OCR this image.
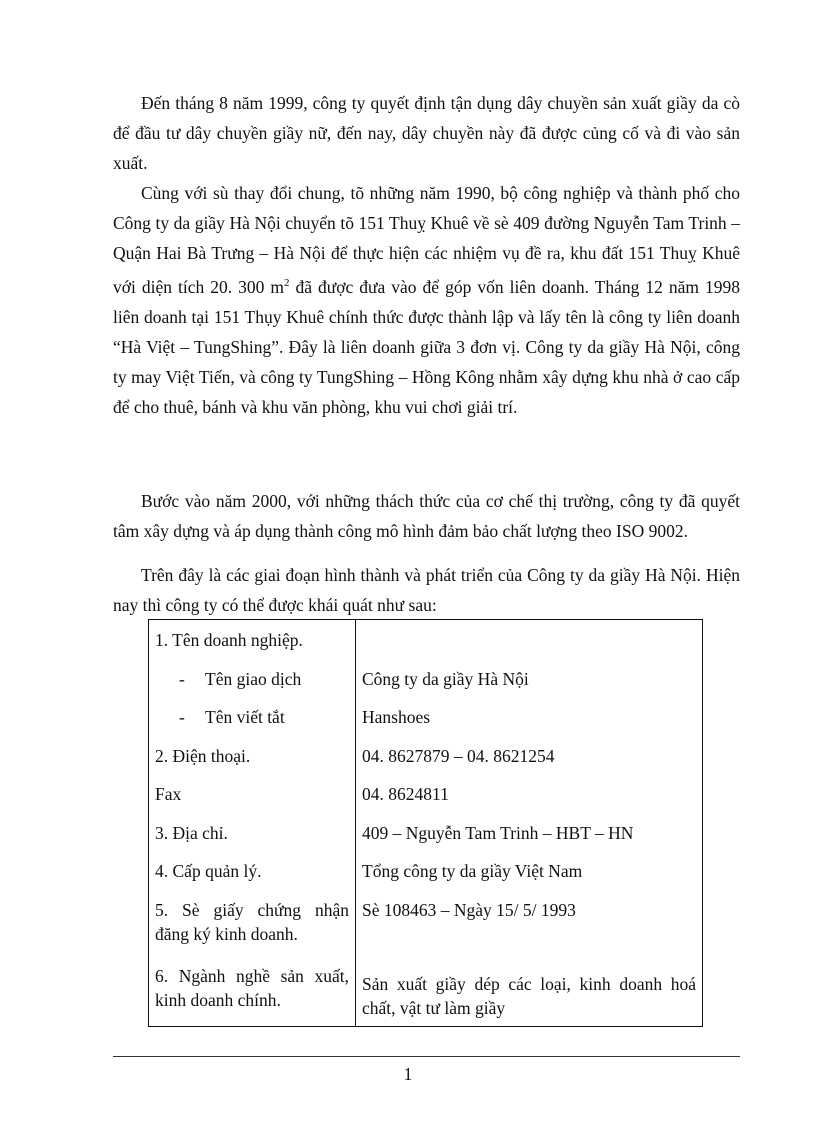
Đến tháng 8 năm 1999, công ty quyết định tận dụng dây chuyền sản xuất giầy da cò để đầu tư dây chuyền giầy nữ, đến nay, dây chuyền này đã được củng cố và đi vào sản xuất.

Cùng với sù thay đổi chung, tõ những năm 1990, bộ công nghiệp và thành phố cho Công ty da giầy Hà Nội chuyển tõ 151 Thuỵ Khuê về sè 409 đường Nguyễn Tam Trinh – Quận Hai Bà Trưng – Hà Nội để thực hiện các nhiệm vụ đề ra, khu đất 151 Thuỵ Khuê với diện tích 20. 300 $m^2$ đã được đưa vào để góp vốn liên doanh. Tháng 12 năm 1998 liên doanh tại 151 Thụy Khuê chính thức được thành lập và lấy tên là công ty liên doanh “Hà Việt – TungShing”. Đây là liên doanh giữa 3 đơn vị. Công ty da giầy Hà Nội, công ty may Việt Tiến, và công ty TungShing – Hồng Kông nhằm xây dựng khu nhà ở cao cấp để cho thuê, bánh và khu văn phòng, khu vui chơi giải trí.

Bước vào năm 2000, với những thách thức của cơ chế thị trường, công ty đã quyết tâm xây dựng và áp dụng thành công mô hình đảm bảo chất lượng theo ISO 9002.

Trên đây là các giai đoạn hình thành và phát triển của Công ty da giầy Hà Nội. Hiện nay thì công ty có thể được khái quát như sau:

1. Tên doanh nghiệp.	
- Tên giao dịch	Công ty da giầy Hà Nội
- Tên viết tắt	Hanshoes
2. Điện thoại.	04. 8627879 – 04. 8621254
Fax	04. 8624811
3. Địa chỉ.	409 – Nguyễn Tam Trinh – HBT – HN
4. Cấp quản lý.	Tổng công ty da giầy Việt Nam
5. Sè giấy chứng nhận đăng ký kinh doanh.	Sè 108463 – Ngày 15/ 5/ 1993
6. Ngành nghề sản xuất, kinh doanh chính.	Sản xuất giầy dép các loại, kinh doanh hoá chất, vật tư làm giầy
1
